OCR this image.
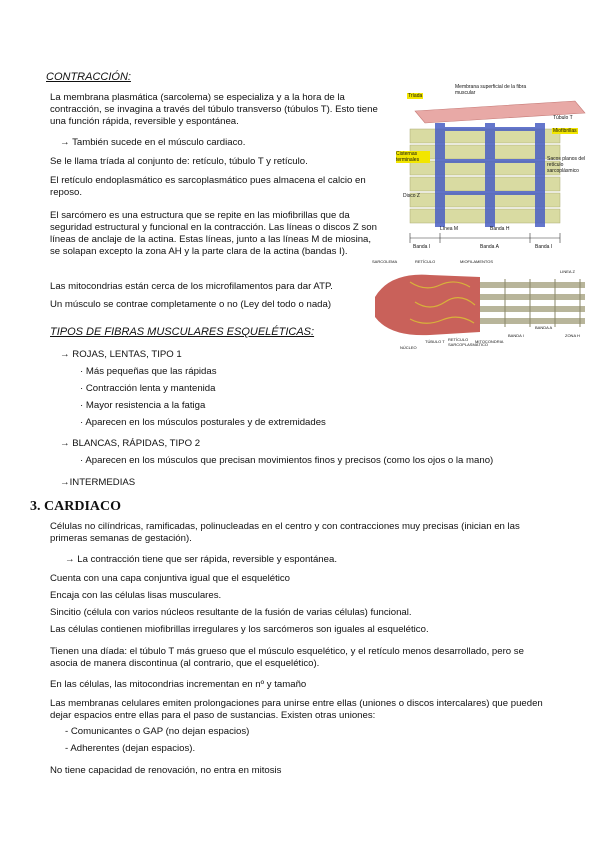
CONTRACCIÓN:
La membrana plasmática (sarcolema) se especializa y a la hora de la contracción, se invagina a través del túbulo transverso (túbulos T). Esto tiene una función rápida, reversible y espontánea.
→ También sucede en el músculo cardiaco.
Se le llama tríada al conjunto de: retículo, túbulo T y retículo.
El retículo endoplasmático es sarcoplasmático pues almacena el calcio en reposo.
El sarcómero es una estructura que se repite en las miofibrillas que da seguridad estructural y funcional en la contracción. Las líneas o discos Z son líneas de anclaje de la actina. Estas líneas, junto a las líneas M de miosina, se solapan excepto la zona AH y la parte clara de la actina (bandas I).
Las mitocondrias están cerca de los microfilamentos para dar ATP.
Un músculo se contrae completamente o no (Ley del todo o nada)
TIPOS DE FIBRAS MUSCULARES ESQUELÉTICAS:
→ ROJAS, LENTAS, TIPO 1
· Más pequeñas que las rápidas
· Contracción lenta y mantenida
· Mayor resistencia a la fatiga
· Aparecen en los músculos posturales y de extremidades
→ BLANCAS, RÁPIDAS, TIPO 2
· Aparecen en los músculos que precisan movimientos finos y precisos (como los ojos o la mano)
→INTERMEDIAS
3. CARDIACO
Células no cilíndricas, ramificadas, polinucleadas en el centro y con contracciones muy precisas (inician en las primeras semanas de gestación).
→ La contracción tiene que ser rápida, reversible y espontánea.
Cuenta con una capa conjuntiva igual que el esquelético
Encaja con las células lisas musculares.
Sincitio (célula con varios núcleos resultante de la fusión de varias células) funcional.
Las células contienen miofibrillas irregulares y los sarcómeros son iguales al esquelético.
Tienen una díada: el túbulo T más grueso que el músculo esquelético, y el retículo menos desarrollado, pero se asocia de manera discontinua (al contrario, que el esquelético).
En las células, las mitocondrias incrementan en nº y tamaño
Las membranas celulares emiten prolongaciones para unirse entre ellas (uniones o discos intercalares) que pueden dejar espacios entre ellas para el paso de sustancias. Existen otras uniones:
- Comunicantes o GAP (no dejan espacios)
- Adherentes (dejan espacios).
No tiene capacidad de renovación, no entra en mitosis
Tríada
Membrana superficial de la fibra muscular
Túbulo T
Miofibrillas
Cisternas terminales	Sacos planos del retículo sarcoplásmico
Disco Z
Línea M	Banda H
Banda I	Banda A	Banda I
SARCOLEMA	RETÍCULO	MIOFILAMENTOS
LINEA Z
BANDA I
BANDA A
ZONA H
MITOCONDRIA
TÚBULO T RETÍCULO SARCOPLASMÁTICO
NÚCLEO
